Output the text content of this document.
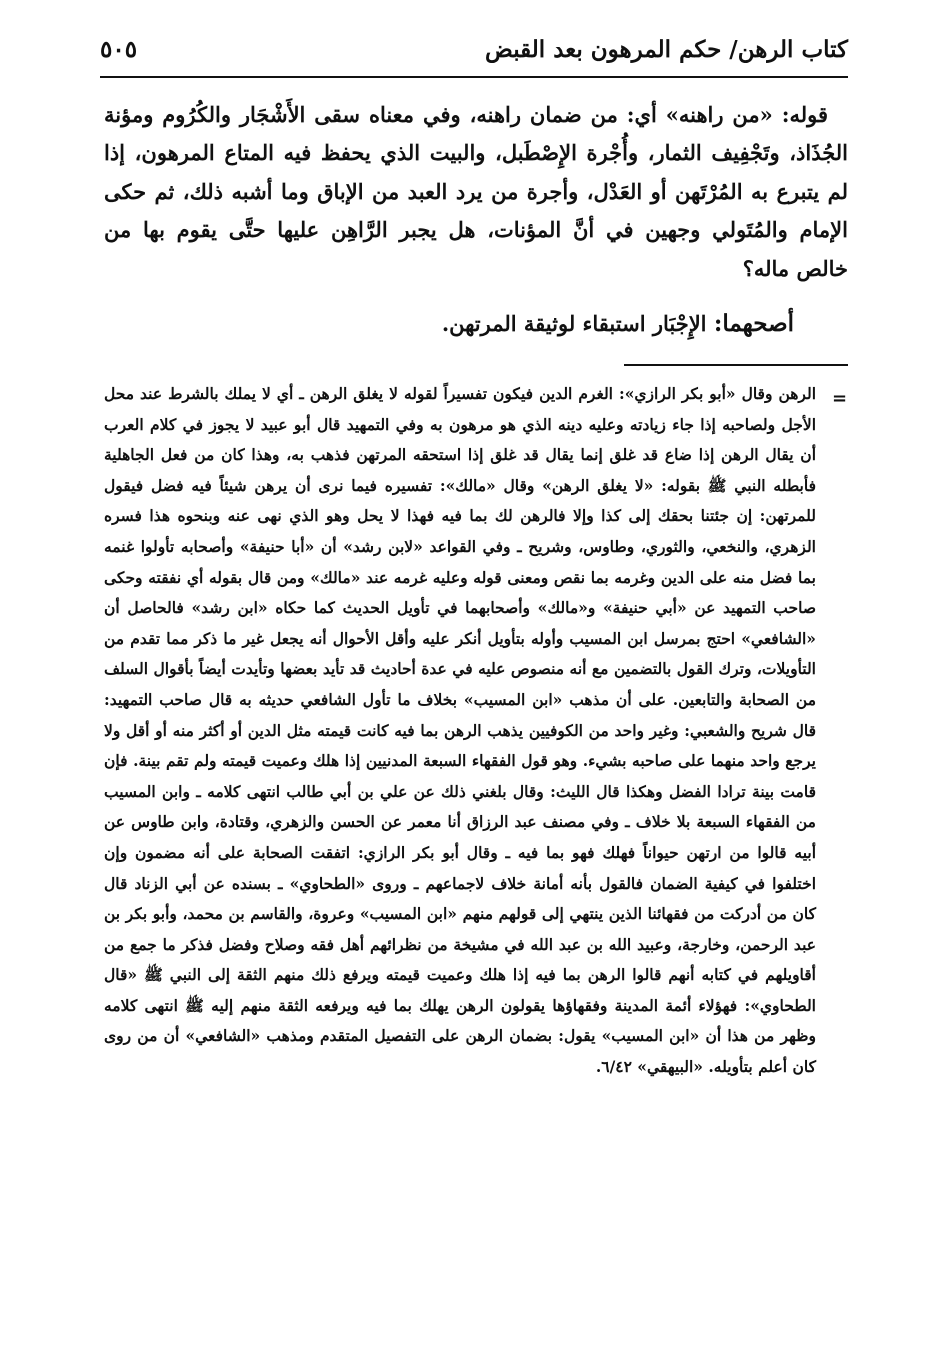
كتاب الرهن/ حكم المرهون بعد القبض
٥٠٥

قوله: «من راهنه» أي: من ضمان راهنه، وفي معناه سقى الأَشْجَار والكُرُوم ومؤنة الجُذَاذ، وتَجْفِيف الثمار، وأُجْرة الإِصْطَبل، والبيت الذي يحفظ فيه المتاع المرهون، إذا لم يتبرع به المُرْتَهن أو العَدْل، وأجرة من يرد العبد من الإباق وما أشبه ذلك، ثم حكى الإمام والمُتَولي وجهين في أنَّ المؤنات، هل يجبر الرَّاهِن عليها حتَّى يقوم بها من خالص ماله؟

أصحهما: الإِجْبَار استبقاء لوثيقة المرتهن.
=

الرهن وقال «أبو بكر الرازي»: الغرم الدين فيكون تفسيراً لقوله لا يغلق الرهن ـ أي لا يملك بالشرط عند محل الأجل ولصاحبه إذا جاء زيادته وعليه دينه الذي هو مرهون به وفي التمهيد قال أبو عبيد لا يجوز في كلام العرب أن يقال الرهن إذا ضاع قد غلق إنما يقال قد غلق إذا استحقه المرتهن فذهب به، وهذا كان من فعل الجاهلية فأبطله النبي ﷺ بقوله: «لا يغلق الرهن» وقال «مالك»: تفسيره فيما نرى أن يرهن شيئاً فيه فضل فيقول للمرتهن: إن جئتنا بحقك إلى كذا وإلا فالرهن لك بما فيه فهذا لا يحل وهو الذي نهى عنه وبنحوه هذا فسره الزهري، والنخعي، والثوري، وطاوس، وشريح ـ وفي القواعد «لابن رشد» أن «أبا حنيفة» وأصحابه تأولوا غنمه بما فضل منه على الدين وغرمه بما نقص ومعنى قوله وعليه غرمه عند «مالك» ومن قال بقوله أي نفقته وحكى صاحب التمهيد عن «أبي حنيفة» و«مالك» وأصحابهما في تأويل الحديث كما حكاه «ابن رشد» فالحاصل أن «الشافعي» احتج بمرسل ابن المسيب وأوله بتأويل أنكر عليه وأقل الأحوال أنه يجعل غير ما ذكر مما تقدم من التأويلات، وترك القول بالتضمين مع أنه منصوص عليه في عدة أحاديث قد تأيد بعضها وتأيدت أيضاً بأقوال السلف من الصحابة والتابعين. على أن مذهب «ابن المسيب» بخلاف ما تأول الشافعي حديثه به قال صاحب التمهيد: قال شريح والشعبي: وغير واحد من الكوفيين يذهب الرهن بما فيه كانت قيمته مثل الدين أو أكثر منه أو أقل ولا يرجع واحد منهما على صاحبه بشيء. وهو قول الفقهاء السبعة المدنيين إذا هلك وعميت قيمته ولم تقم بينة. فإن قامت بينة ترادا الفضل وهكذا قال الليث: وقال بلغني ذلك عن علي بن أبي طالب انتهى كلامه ـ وابن المسيب من الفقهاء السبعة بلا خلاف ـ وفي مصنف عبد الرزاق أنا معمر عن الحسن والزهري، وقتادة، وابن طاوس عن أبيه قالوا من ارتهن حيواناً فهلك فهو بما فيه ـ وقال أبو بكر الرازي: اتفقت الصحابة على أنه مضمون وإن اختلفوا في كيفية الضمان فالقول بأنه أمانة خلاف لاجماعهم ـ وروى «الطحاوي» ـ بسنده عن أبي الزناد قال كان من أدركت من فقهائنا الذين ينتهي إلى قولهم منهم «ابن المسيب» وعروة، والقاسم بن محمد، وأبو بكر بن عبد الرحمن، وخارجة، وعبيد الله بن عبد الله في مشيخة من نظرائهم أهل فقه وصلاح وفضل فذكر ما جمع من أقاويلهم في كتابه أنهم قالوا الرهن بما فيه إذا هلك وعميت قيمته ويرفع ذلك منهم الثقة إلى النبي ﷺ «قال الطحاوي»: فهؤلاء أئمة المدينة وفقهاؤها يقولون الرهن يهلك بما فيه ويرفعه الثقة منهم إليه ﷺ انتهى كلامه وظهر من هذا أن «ابن المسيب» يقول: بضمان الرهن على التفصيل المتقدم ومذهب «الشافعي» أن من روى كان أعلم بتأويله. «البيهقي» ٦/٤٢.
